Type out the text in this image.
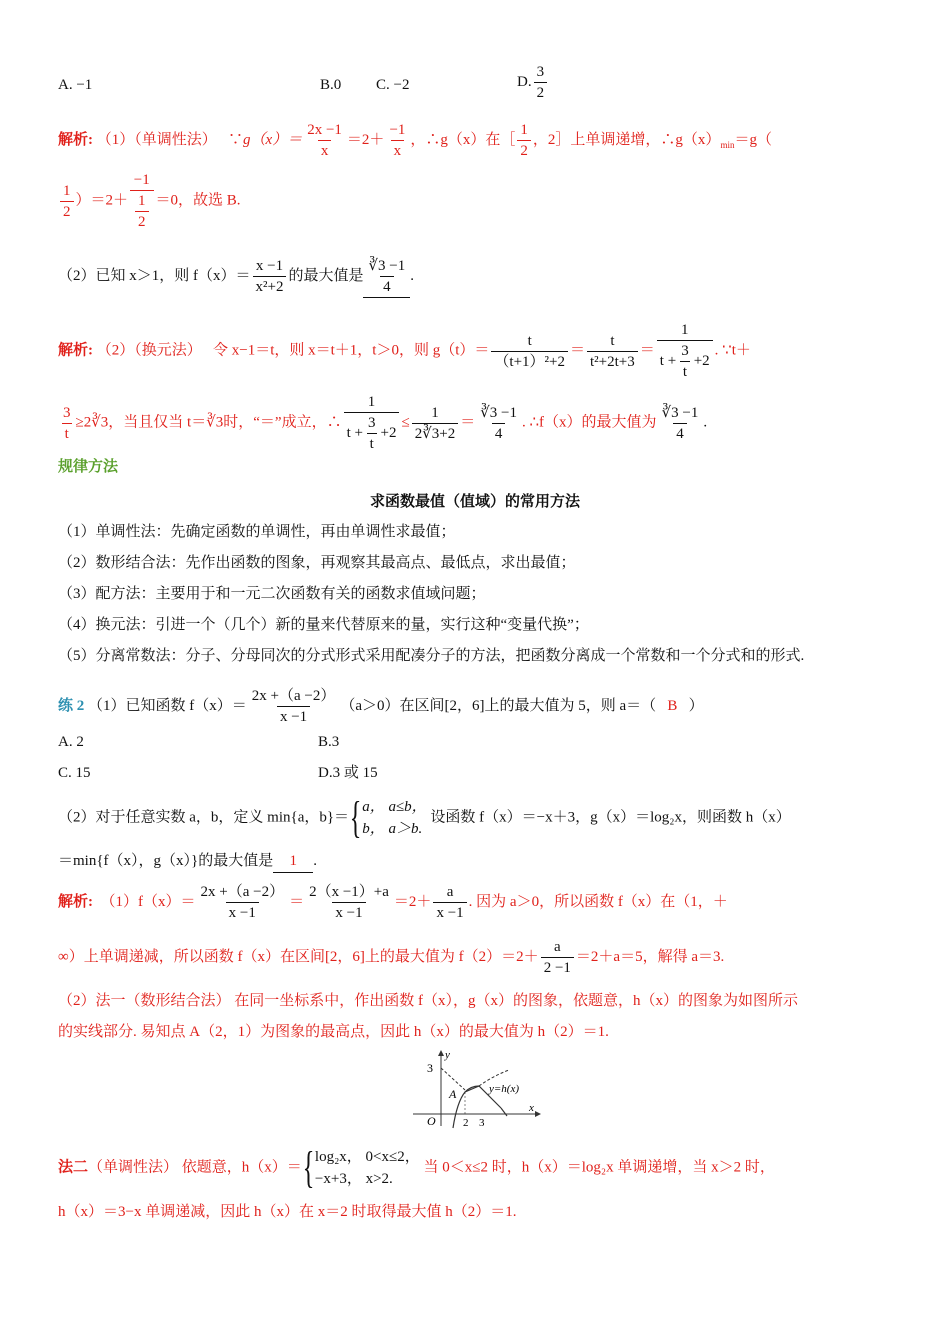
A. −1	B.0 C. −2	D. $\frac{3}{2}$
解析: （1）（单调性法） ∵g（x）＝ $\frac{2x -1}{x} =2+ \frac{-1}{x}$ ，∴g（x）在［ $\frac{1}{2}$ ，2］上单调递增，$\therefore g(x)_{min}=g$（
$\frac{1}{2} )=2+ \frac{-1}{\frac{1}{2}} =0$，故选 B.
（2）已知 x＞1，则 $f(x)= \frac{x -1}{\text{x²+2}}$ 的最大值是 $\frac{∛3 -1}{4}$ .
解析: （2）（换元法） 令 x−1＝t，则 x＝t＋1，t＞0，则 $g(t)= \frac{t}{\text{（t+1）²+2}} = \frac{t}{\text{t²+2t+3}} = \frac{1}{t + \frac{3}{t} +2}$ . ∵t＋
$\frac{3}{t}$ ≥2∛3，当且仅当 t＝∛3时，“＝”成立，∴ $\frac{1}{t + \frac{3}{t} +2} \le \frac{1}{2∛3+2} = \frac{∛3 -1}{4}$ . ∴f（x）的最大值为 $\frac{∛3 -1}{4}$ .
规律方法
求函数最值（值域）的常用方法
（1）单调性法：先确定函数的单调性，再由单调性求最值；
（2）数形结合法：先作出函数的图象，再观察其最高点、最低点，求出最值；
（3）配方法：主要用于和一元二次函数有关的函数求值域问题；
（4）换元法：引进一个（几个）新的量来代替原来的量，实行这种“变量代换”；
（5）分离常数法：分子、分母同次的分式形式采用配凑分子的方法，把函数分离成一个常数和一个分式和的形式.
练 2 （1）已知函数 $f(x)= \frac{2x +(a -2)}{x -1} (a>0)$在区间[2，6]上的最大值为 5，则 a＝（ B ）
A. 2	B.3
C. 15	D.3 或 15
（2）对于任意实数 a，b，定义 min{a，b}＝{ a， a≤b，
b， a＞b.
设函数 f（x）＝−x＋3，g（x）＝log₂x，则函数 h（x）
＝min{f（x），g（x）}的最大值是 1 .
解析: $(1)f(x)= \frac{2x +(a -2)}{x -1} = \frac{2(x -1)+a}{x -1} =2+ \frac{a}{x -1}$ . 因为 a＞0，所以函数 f（x）在（1，＋
∞）上单调递减，所以函数 f（x）在区间[2，6]上的最大值为 $f(2)=2+ \frac{a}{2 -1} =2+a=5$，解得 a＝3.
（2）法一（数形结合法） 在同一坐标系中，作出函数 f（x），g（x）的图象，依题意，h（x）的图象为如图所示
的实线部分. 易知点 A（2，1）为图象的最高点，因此 h（x）的最大值为 h（2）＝1.
y
x
O
3
A
2 3
y=h(x)
法二（单调性法） 依题意，h（x）＝{ log₂x， 0<x≤2，
−x+3， x>2.
当 0＜x≤2 时，h（x）＝log₂x 单调递增，当 x＞2 时，
h（x）＝3−x 单调递减，因此 h（x）在 x＝2 时取得最大值 h（2）＝1.
